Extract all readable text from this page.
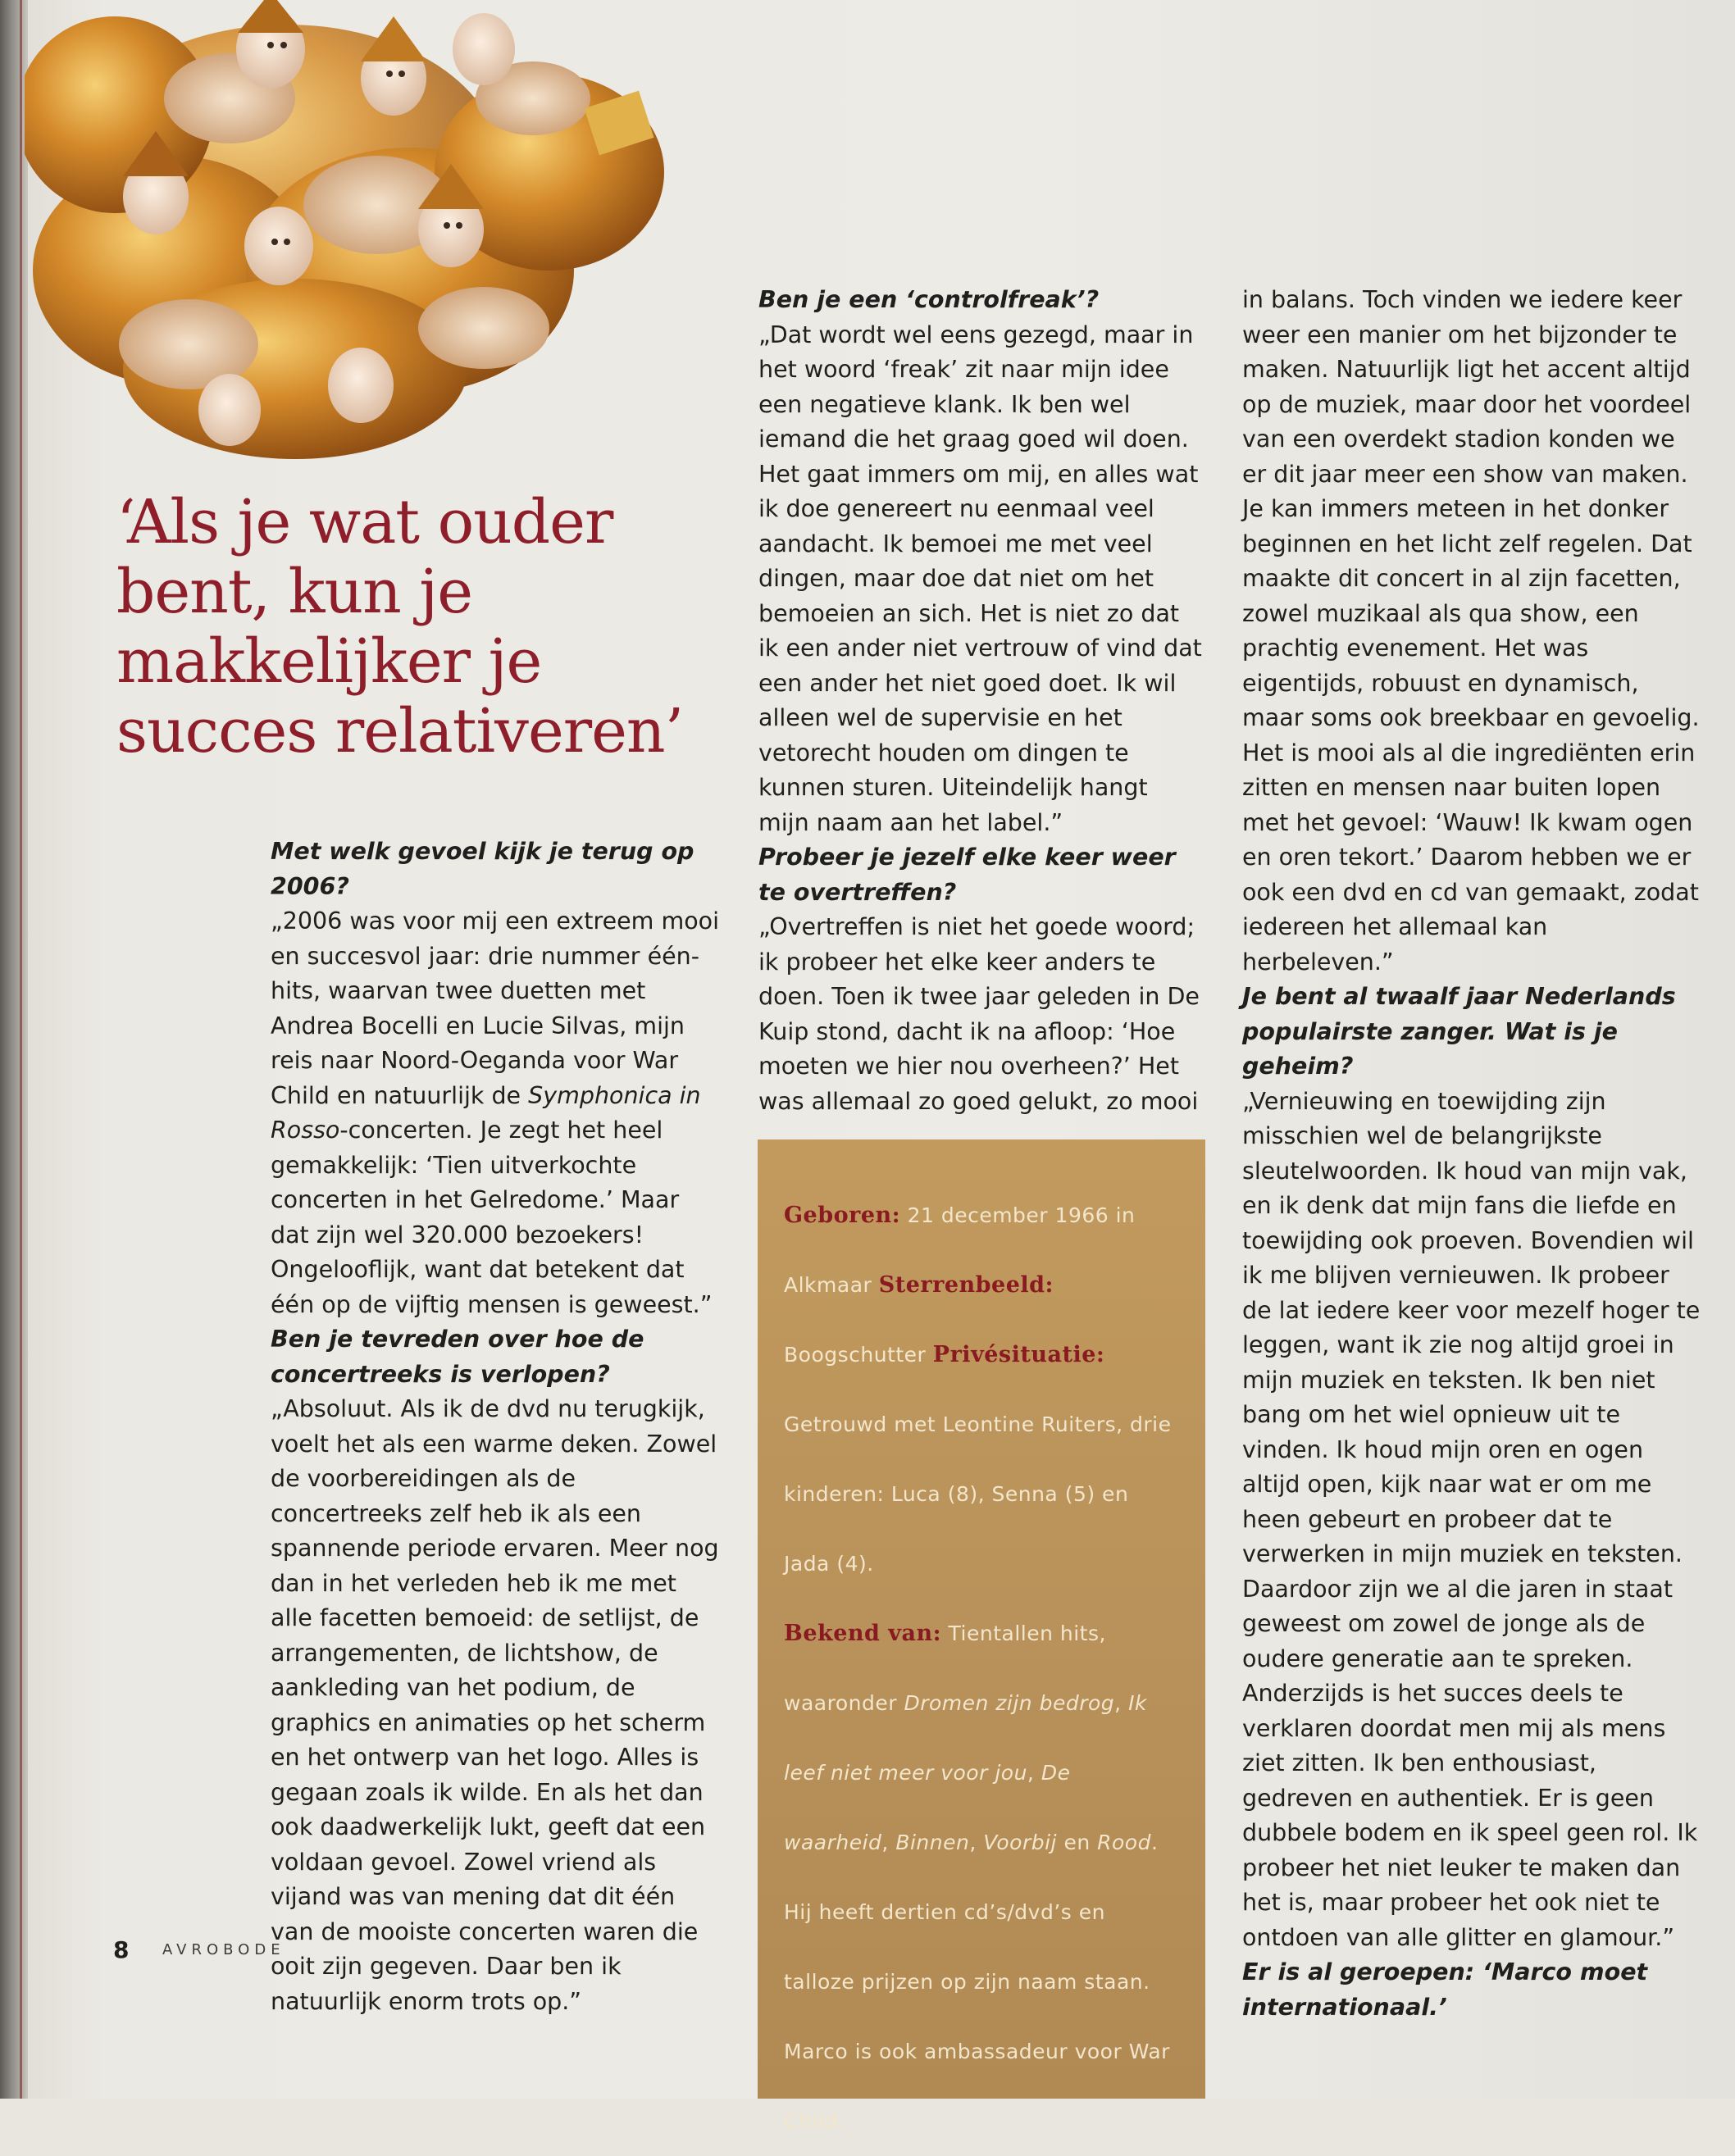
‘Als je wat ouder bent, kun je makkelijker je succes relativeren’

Met welk gevoel kijk je terug op 2006?

„2006 was voor mij een extreem mooi en succesvol jaar: drie nummer één-hits, waarvan twee duetten met Andrea Bocelli en Lucie Silvas, mijn reis naar Noord-Oeganda voor War Child en natuurlijk de Symphonica in Rosso-concerten. Je zegt het heel gemakkelijk: ‘Tien uitverkochte concerten in het Gelredome.’ Maar dat zijn wel 320.000 bezoekers! Ongelooflijk, want dat betekent dat één op de vijftig mensen is geweest.”

Ben je tevreden over hoe de concertreeks is verlopen?

„Absoluut. Als ik de dvd nu terugkijk, voelt het als een warme deken. Zowel de voorbereidingen als de concertreeks zelf heb ik als een spannende periode ervaren. Meer nog dan in het verleden heb ik me met alle facetten bemoeid: de setlijst, de arrangementen, de lichtshow, de aankleding van het podium, de graphics en animaties op het scherm en het ontwerp van het logo. Alles is gegaan zoals ik wilde. En als het dan ook daadwerkelijk lukt, geeft dat een voldaan gevoel. Zowel vriend als vijand was van mening dat dit één van de mooiste concerten waren die ooit zijn gegeven. Daar ben ik natuurlijk enorm trots op.”

Ben je een ‘controlfreak’?

„Dat wordt wel eens gezegd, maar in het woord ‘freak’ zit naar mijn idee een negatieve klank. Ik ben wel iemand die het graag goed wil doen. Het gaat immers om mij, en alles wat ik doe genereert nu eenmaal veel aandacht. Ik bemoei me met veel dingen, maar doe dat niet om het bemoeien an sich. Het is niet zo dat ik een ander niet vertrouw of vind dat een ander het niet goed doet. Ik wil alleen wel de supervisie en het vetorecht houden om dingen te kunnen sturen. Uiteindelijk hangt mijn naam aan het label.”

Probeer je jezelf elke keer weer te overtreffen?

„Overtreffen is niet het goede woord; ik probeer het elke keer anders te doen. Toen ik twee jaar geleden in De Kuip stond, dacht ik na afloop: ‘Hoe moeten we hier nou overheen?’ Het was allemaal zo goed gelukt, zo mooi

Geboren: 21 december 1966 in Alkmaar Sterrenbeeld: Boogschutter Privésituatie: Getrouwd met Leontine Ruiters, drie kinderen: Luca (8), Senna (5) en Jada (4).
Bekend van: Tientallen hits, waaronder Dromen zijn bedrog, Ik leef niet meer voor jou, De waarheid, Binnen, Voorbij en Rood. Hij heeft dertien cd’s/dvd’s en talloze prijzen op zijn naam staan. Marco is ook ambassadeur voor War Child.

in balans. Toch vinden we iedere keer weer een manier om het bijzonder te maken. Natuurlijk ligt het accent altijd op de muziek, maar door het voordeel van een overdekt stadion konden we er dit jaar meer een show van maken. Je kan immers meteen in het donker beginnen en het licht zelf regelen. Dat maakte dit concert in al zijn facetten, zowel muzikaal als qua show, een prachtig evenement. Het was eigentijds, robuust en dynamisch, maar soms ook breekbaar en gevoelig. Het is mooi als al die ingrediënten erin zitten en mensen naar buiten lopen met het gevoel: ‘Wauw! Ik kwam ogen en oren tekort.’ Daarom hebben we er ook een dvd en cd van gemaakt, zodat iedereen het allemaal kan herbeleven.”

Je bent al twaalf jaar Nederlands populairste zanger. Wat is je geheim?

„Vernieuwing en toewijding zijn misschien wel de belangrijkste sleutelwoorden. Ik houd van mijn vak, en ik denk dat mijn fans die liefde en toewijding ook proeven. Bovendien wil ik me blijven vernieuwen. Ik probeer de lat iedere keer voor mezelf hoger te leggen, want ik zie nog altijd groei in mijn muziek en teksten. Ik ben niet bang om het wiel opnieuw uit te vinden. Ik houd mijn oren en ogen altijd open, kijk naar wat er om me heen gebeurt en probeer dat te verwerken in mijn muziek en teksten. Daardoor zijn we al die jaren in staat geweest om zowel de jonge als de oudere generatie aan te spreken. Anderzijds is het succes deels te verklaren doordat men mij als mens ziet zitten. Ik ben enthousiast, gedreven en authentiek. Er is geen dubbele bodem en ik speel geen rol. Ik probeer het niet leuker te maken dan het is, maar probeer het ook niet te ontdoen van alle glitter en glamour.”

Er is al geroepen: ‘Marco moet internationaal.’

8 AVROBODE
